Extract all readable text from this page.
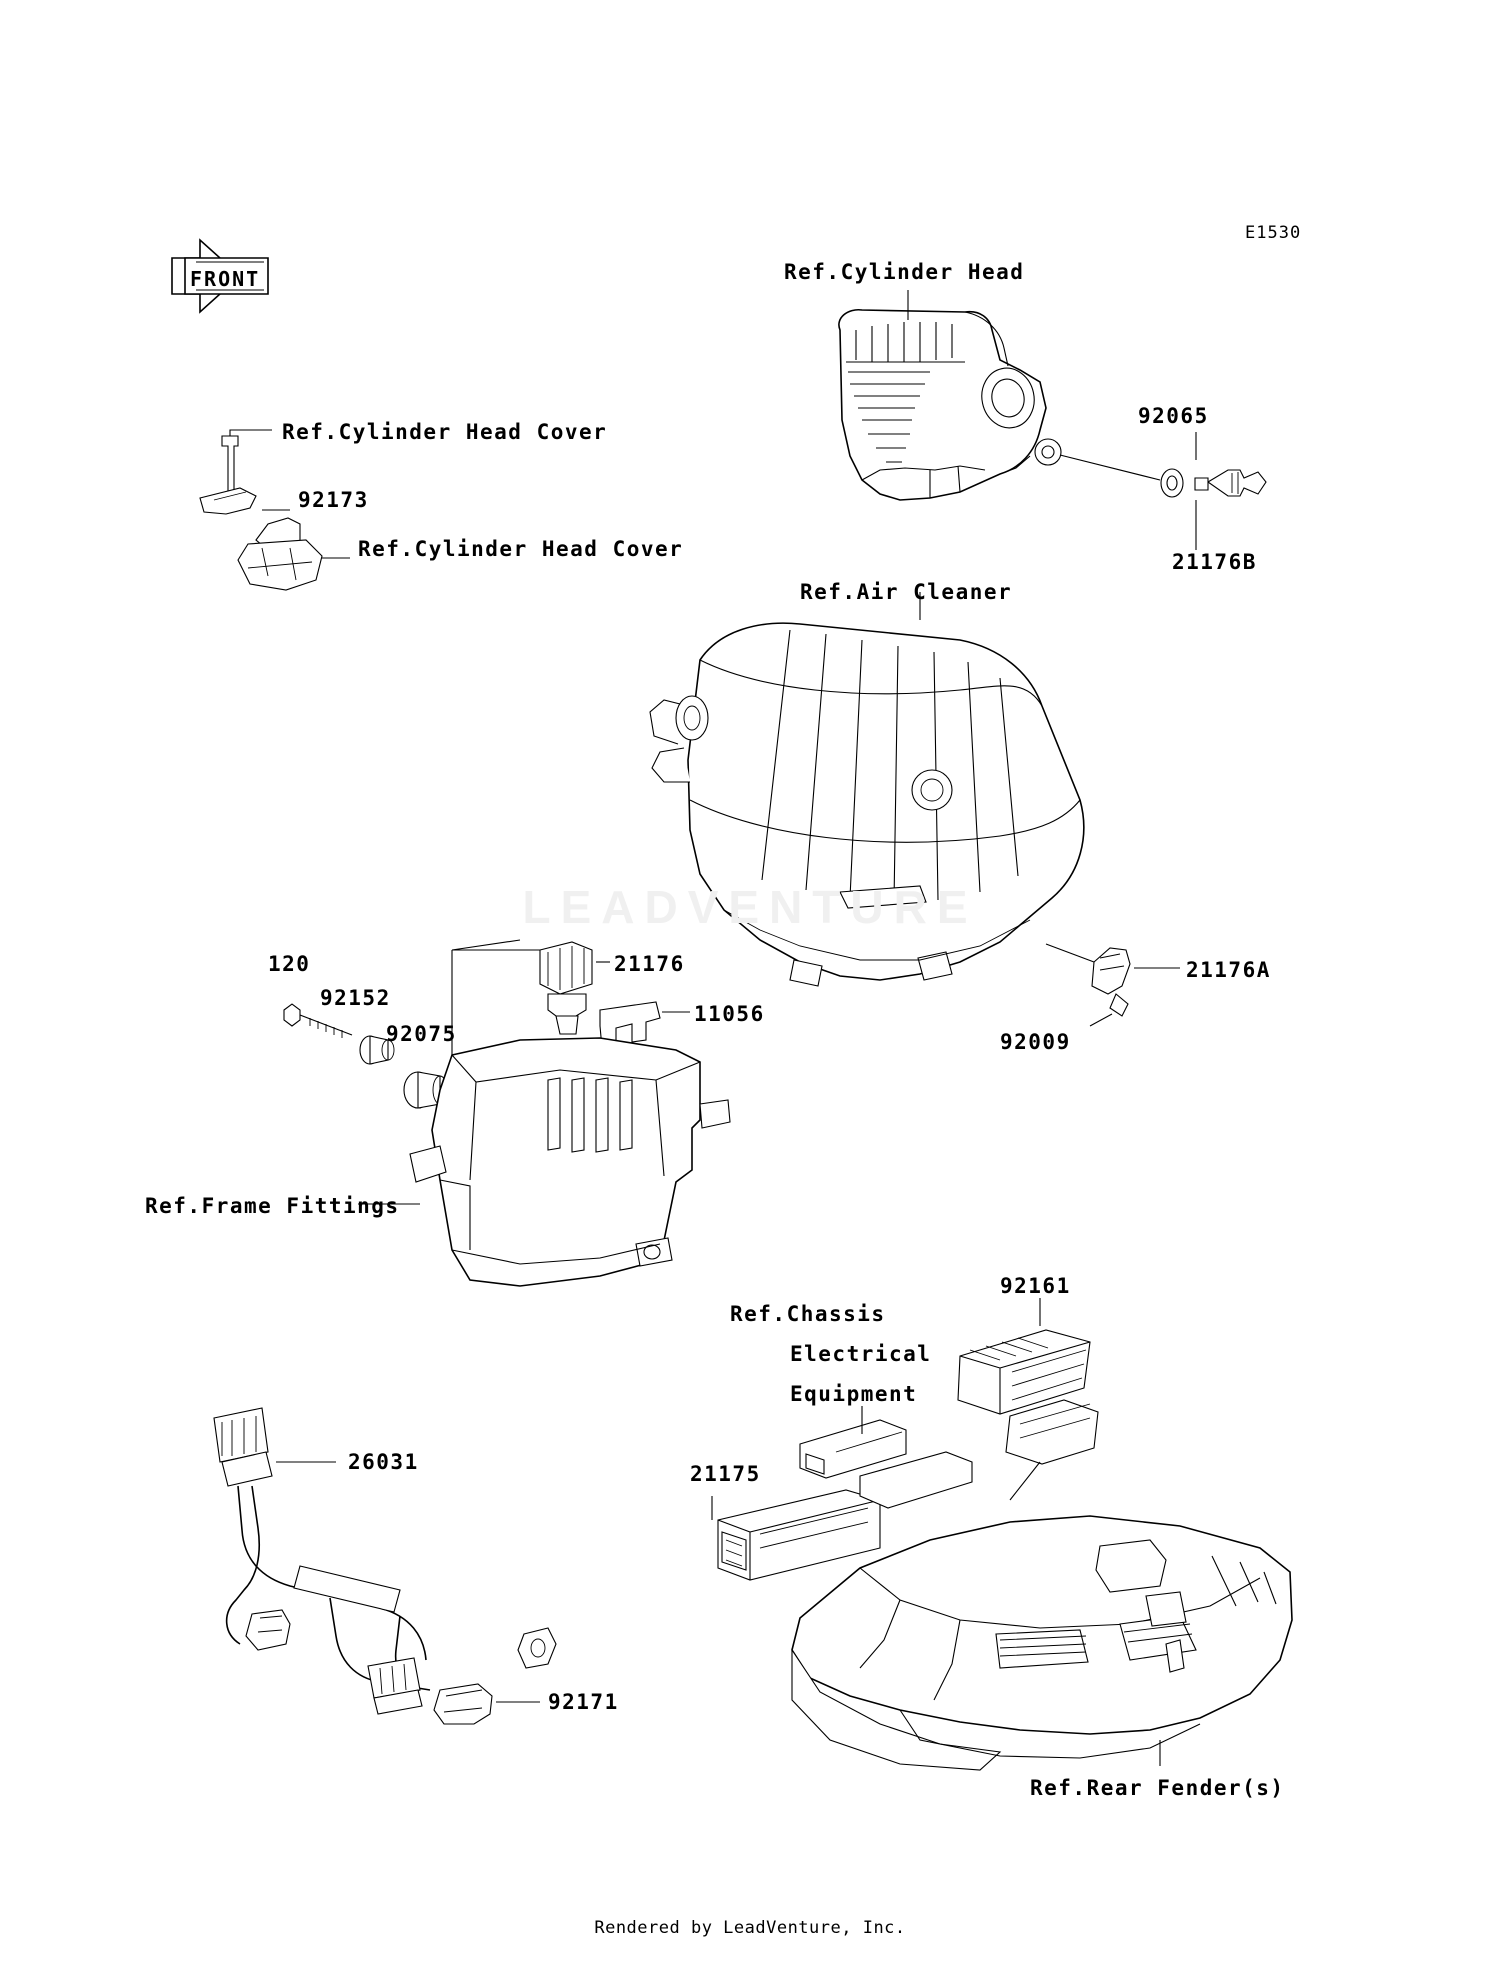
E1530
FRONT	Ref.Cylinder Head
Ref.Cylinder Head Cover
92173
Ref.Cylinder Head Cover
92065
21176B
Ref.Air Cleaner
120
92152
92075
21176
11056
21176A
92009
Ref.Frame Fittings
92161
Ref.Chassis
Electrical
Equipment
21175
26031
92171
Ref.Rear Fender(s)
LEADVENTURE
Rendered by LeadVenture, Inc.
